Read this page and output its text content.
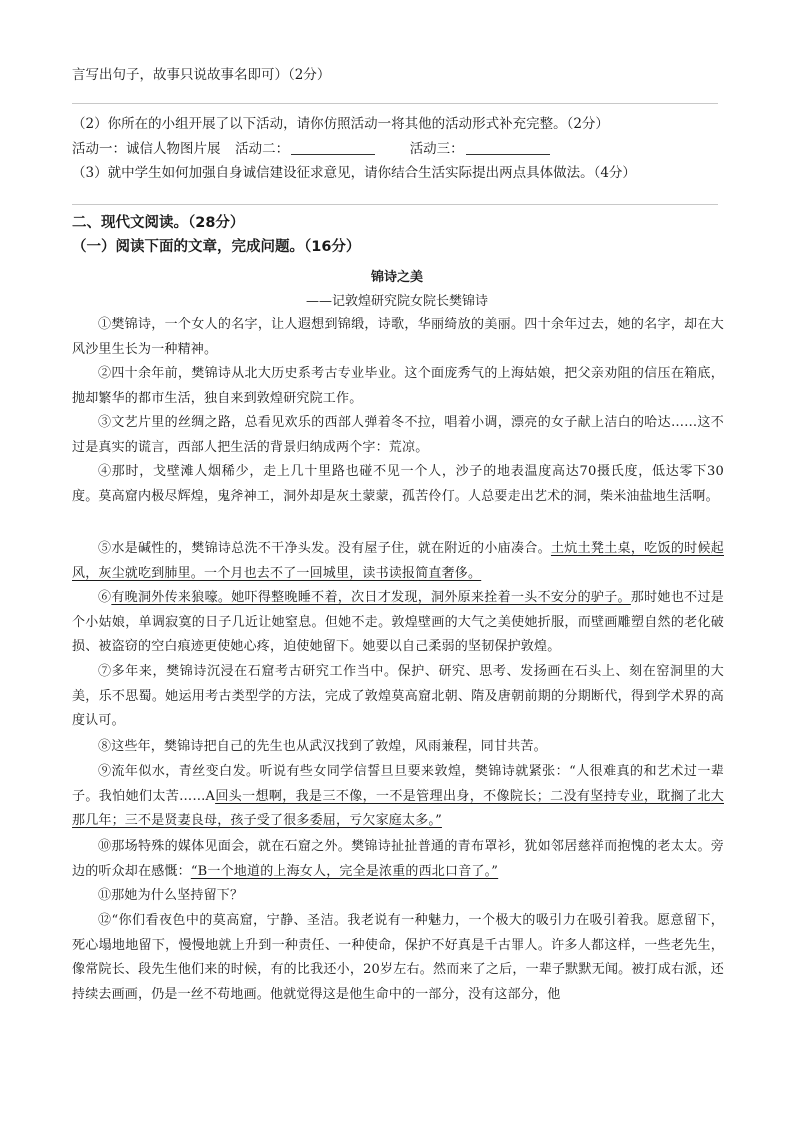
言写出句子，故事只说故事名即可）（2分）
（2）你所在的小组开展了以下活动，请你仿照活动一将其他的活动形式补充完整。（2分）
活动一：诚信人物图片展 活动二：	活动三：
（3）就中学生如何加强自身诚信建设征求意见，请你结合生活实际提出两点具体做法。（4分）
二、现代文阅读。（28分）
（一）阅读下面的文章，完成问题。（16分）
锦诗之美
——记敦煌研究院女院长樊锦诗
①樊锦诗，一个女人的名字，让人遐想到锦缎，诗歌，华丽绮放的美丽。四十余年过去，她的名字，却在大风沙里生长为一种精神。
②四十余年前，樊锦诗从北大历史系考古专业毕业。这个面庞秀气的上海姑娘，把父亲劝阻的信压在箱底，抛却繁华的都市生活，独自来到敦煌研究院工作。
③文艺片里的丝绸之路，总看见欢乐的西部人弹着冬不拉，唱着小调，漂亮的女子献上洁白的哈达……这不过是真实的谎言，西部人把生活的背景归纳成两个字：荒凉。
④那时，戈壁滩人烟稀少，走上几十里路也碰不见一个人，沙子的地表温度高达70摄氏度，低达零下30度。莫高窟内极尽辉煌，鬼斧神工，洞外却是灰土蒙蒙，孤苦伶仃。人总要走出艺术的洞，柴米油盐地生活啊。
⑤水是碱性的，樊锦诗总洗不干净头发。没有屋子住，就在附近的小庙凑合。土炕土凳土桌，吃饭的时候起风，灰尘就吃到肺里。一个月也去不了一回城里，读书读报简直奢侈。
⑥有晚洞外传来狼嚎。她吓得整晚睡不着，次日才发现，洞外原来拴着一头不安分的驴子。那时她也不过是个小姑娘，单调寂寞的日子几近让她窒息。但她不走。敦煌壁画的大气之美使她折服，而壁画雕塑自然的老化破损、被盗窃的空白痕迹更使她心疼，迫使她留下。她要以自己柔弱的坚韧保护敦煌。
⑦多年来，樊锦诗沉浸在石窟考古研究工作当中。保护、研究、思考、发扬画在石头上、刻在窑洞里的大美，乐不思蜀。她运用考古类型学的方法，完成了敦煌莫高窟北朝、隋及唐朝前期的分期断代，得到学术界的高度认可。
⑧这些年，樊锦诗把自己的先生也从武汉找到了敦煌，风雨兼程，同甘共苦。
⑨流年似水，青丝变白发。听说有些女同学信誓旦旦要来敦煌，樊锦诗就紧张：“人很难真的和艺术过一辈子。我怕她们太苦……A回头一想啊，我是三不像，一不是管理出身，不像院长；二没有坚持专业，耽搁了北大那几年；三不是贤妻良母，孩子受了很多委屈，亏欠家庭太多。”
⑩那场特殊的媒体见面会，就在石窟之外。樊锦诗扯扯普通的青布罩衫，犹如邻居慈祥而抱愧的老太太。旁边的听众却在感慨：“B一个地道的上海女人，完全是浓重的西北口音了。”
⑪那她为什么坚持留下？
⑫“你们看夜色中的莫高窟，宁静、圣洁。我老说有一种魅力，一个极大的吸引力在吸引着我。愿意留下，死心塌地地留下，慢慢地就上升到一种责任、一种使命，保护不好真是千古罪人。许多人都这样，一些老先生，像常院长、段先生他们来的时候，有的比我还小，20岁左右。然而来了之后，一辈子默默无闻。被打成右派，还持续去画画，仍是一丝不苟地画。他就觉得这是他生命中的一部分，没有这部分，他
